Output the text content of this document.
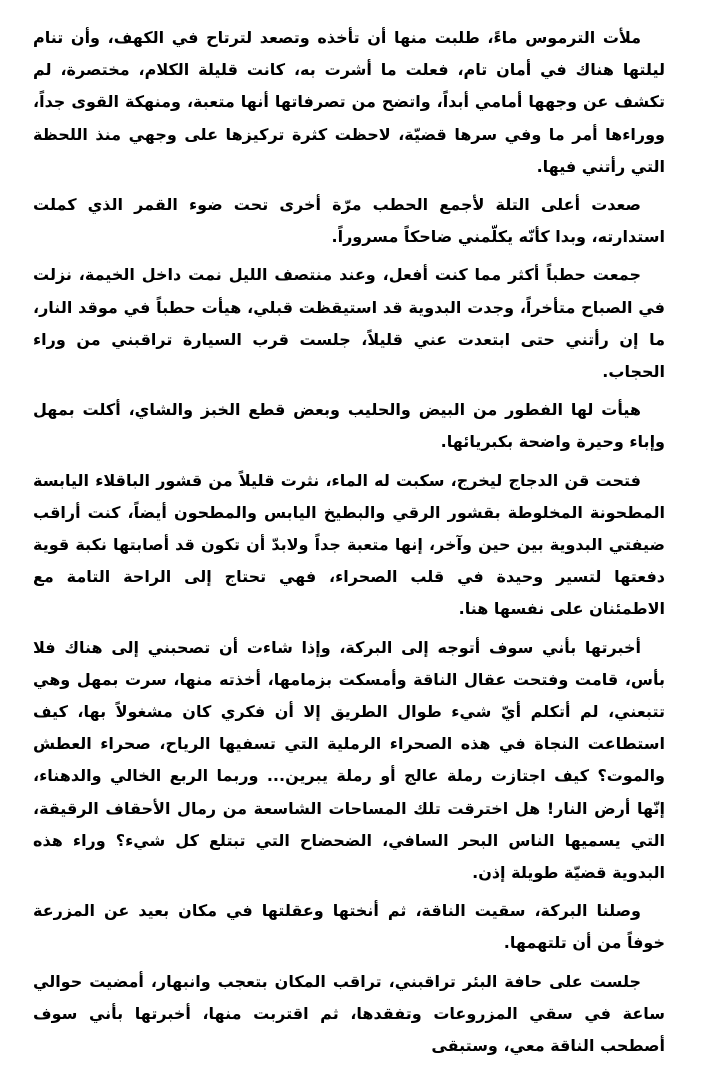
ملأت الترموس ماءً، طلبت منها أن تأخذه وتصعد لترتاح في الكهف، وأن تنام ليلتها هناك في أمان تام، فعلت ما أشرت به، كانت قليلة الكلام، مختصرة، لم تكشف عن وجهها أمامي أبداً، واتضح من تصرفاتها أنها متعبة، ومنهكة القوى جداً، ووراءها أمر ما وفي سرها قضيّة، لاحظت كثرة تركيزها على وجهي منذ اللحظة التي رأتني فيها.

صعدت أعلى التلة لأجمع الحطب مرّة أخرى تحت ضوء القمر الذي كملت استدارته، وبدا كأنّه يكلّمني ضاحكاً مسروراً.

جمعت حطباً أكثر مما كنت أفعل، وعند منتصف الليل نمت داخل الخيمة، نزلت في الصباح متأخراً، وجدت البدوية قد استيقظت قبلي، هيأت حطباً في موقد النار، ما إن رأتني حتى ابتعدت عني قليلاً، جلست قرب السيارة تراقبني من وراء الحجاب.

هيأت لها الفطور من البيض والحليب وبعض قطع الخبز والشاي، أكلت بمهل وإباء وحيرة واضحة بكبريائها.

فتحت قن الدجاج ليخرج، سكبت له الماء، نثرت قليلاً من قشور الباقلاء اليابسة المطحونة المخلوطة بقشور الرقي والبطيخ اليابس والمطحون أيضاً، كنت أراقب ضيفتي البدوية بين حين وآخر، إنها متعبة جداً ولابدّ أن تكون قد أصابتها نكبة قوية دفعتها لتسير وحيدة في قلب الصحراء، فهي تحتاج إلى الراحة التامة مع الاطمئنان على نفسها هنا.

أخبرتها بأني سوف أتوجه إلى البركة، وإذا شاءت أن تصحبني إلى هناك فلا بأس، قامت وفتحت عقال الناقة وأمسكت بزمامها، أخذته منها، سرت بمهل وهي تتبعني، لم أتكلم أيّ شيء طوال الطريق إلا أن فكري كان مشغولاً بها، كيف استطاعت النجاة في هذه الصحراء الرملية التي تسفيها الرياح، صحراء العطش والموت؟ كيف اجتازت رملة عالج أو رملة يبرين... وربما الربع الخالي والدهناء، إنّها أرض النار! هل اخترقت تلك المساحات الشاسعة من رمال الأحقاف الرقيقة، التي يسميها الناس البحر السافي، الضحضاح التي تبتلع كل شيء؟ وراء هذه البدوية قضيّة طويلة إذن.

وصلنا البركة، سقيت الناقة، ثم أنختها وعقلتها في مكان بعيد عن المزرعة خوفاً من أن تلتهمها.

جلست على حافة البئر تراقبني، تراقب المكان بتعجب وانبهار، أمضيت حوالي ساعة في سقي المزروعات وتفقدها، ثم اقتربت منها، أخبرتها بأني سوف أصطحب الناقة معي، وستبقى
